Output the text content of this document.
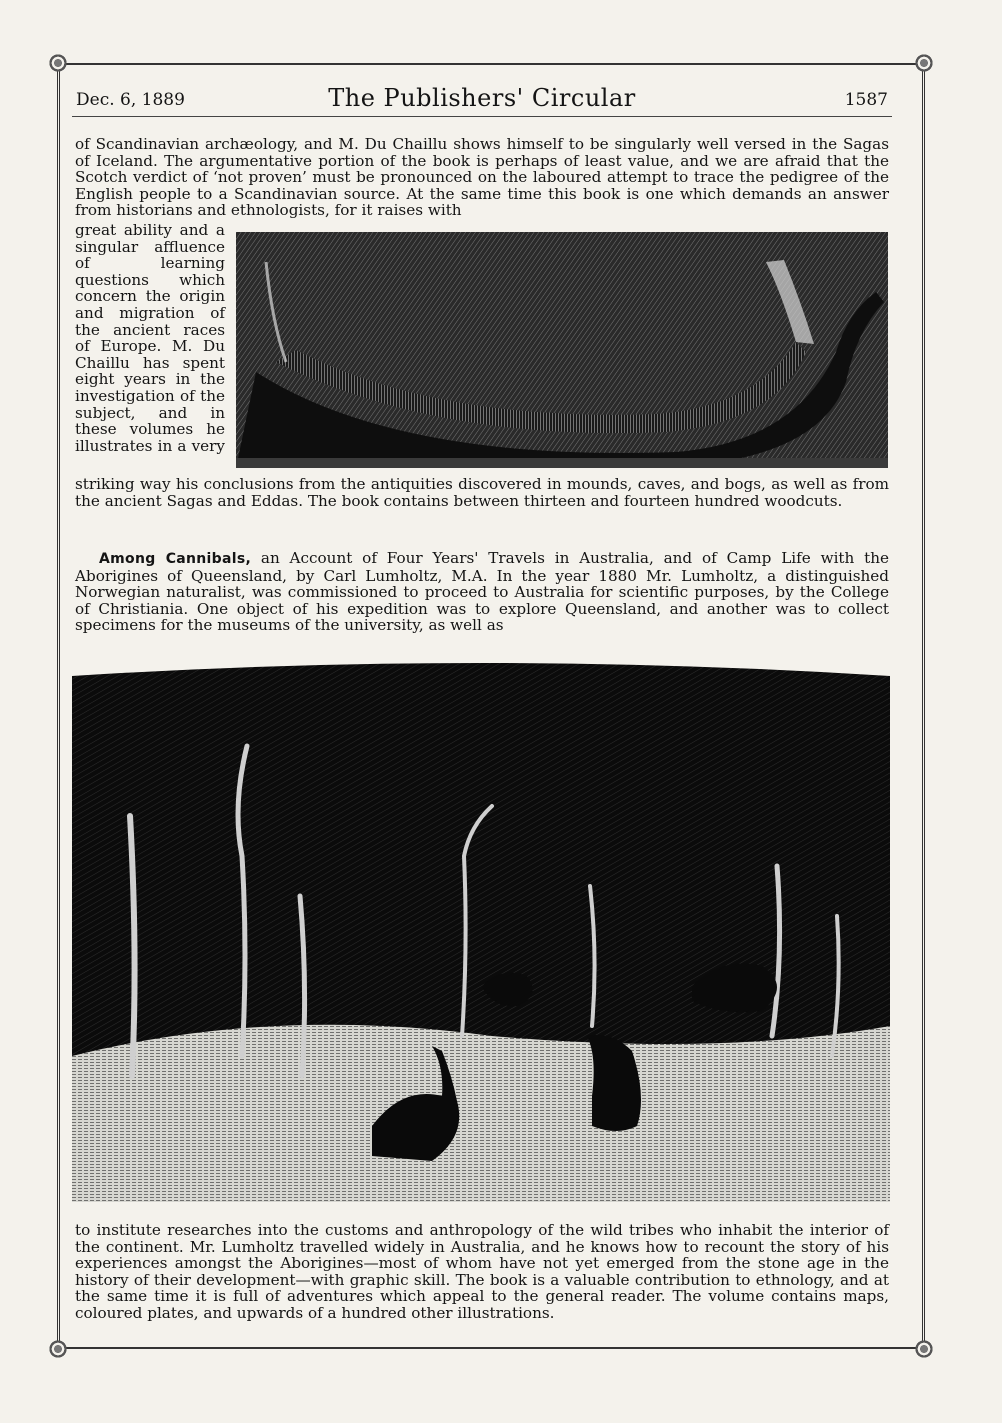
Dec. 6, 1889	The Publishers' Circular	1587

of Scandinavian archæology, and M. Du Chaillu shows himself to be singularly well versed in the Sagas of Iceland. The argumentative portion of the book is perhaps of least value, and we are afraid that the Scotch verdict of ‘not proven’ must be pronounced on the laboured attempt to trace the pedigree of the English people to a Scandinavian source. At the same time this book is one which demands an answer from historians and ethnologists, for it raises with

great ability and a singular affluence of learning questions which concern the origin and migration of the ancient races of Europe. M. Du Chaillu has spent eight years in the investigation of the subject, and in these volumes he illustrates in a very

striking way his conclusions from the antiquities discovered in mounds, caves, and bogs, as well as from the ancient Sagas and Eddas. The book contains between thirteen and fourteen hundred woodcuts.

Among Cannibals, an Account of Four Years' Travels in Australia, and of Camp Life with the Aborigines of Queensland, by Carl Lumholtz, M.A. In the year 1880 Mr. Lumholtz, a distinguished Norwegian naturalist, was commissioned to proceed to Australia for scientific purposes, by the College of Christiania. One object of his expedition was to explore Queensland, and another was to collect specimens for the museums of the university, as well as

to institute researches into the customs and anthropology of the wild tribes who inhabit the interior of the continent. Mr. Lumholtz travelled widely in Australia, and he knows how to recount the story of his experiences amongst the Aborigines—most of whom have not yet emerged from the stone age in the history of their development—with graphic skill. The book is a valuable contribution to ethnology, and at the same time it is full of adventures which appeal to the general reader. The volume contains maps, coloured plates, and upwards of a hundred other illustrations.
